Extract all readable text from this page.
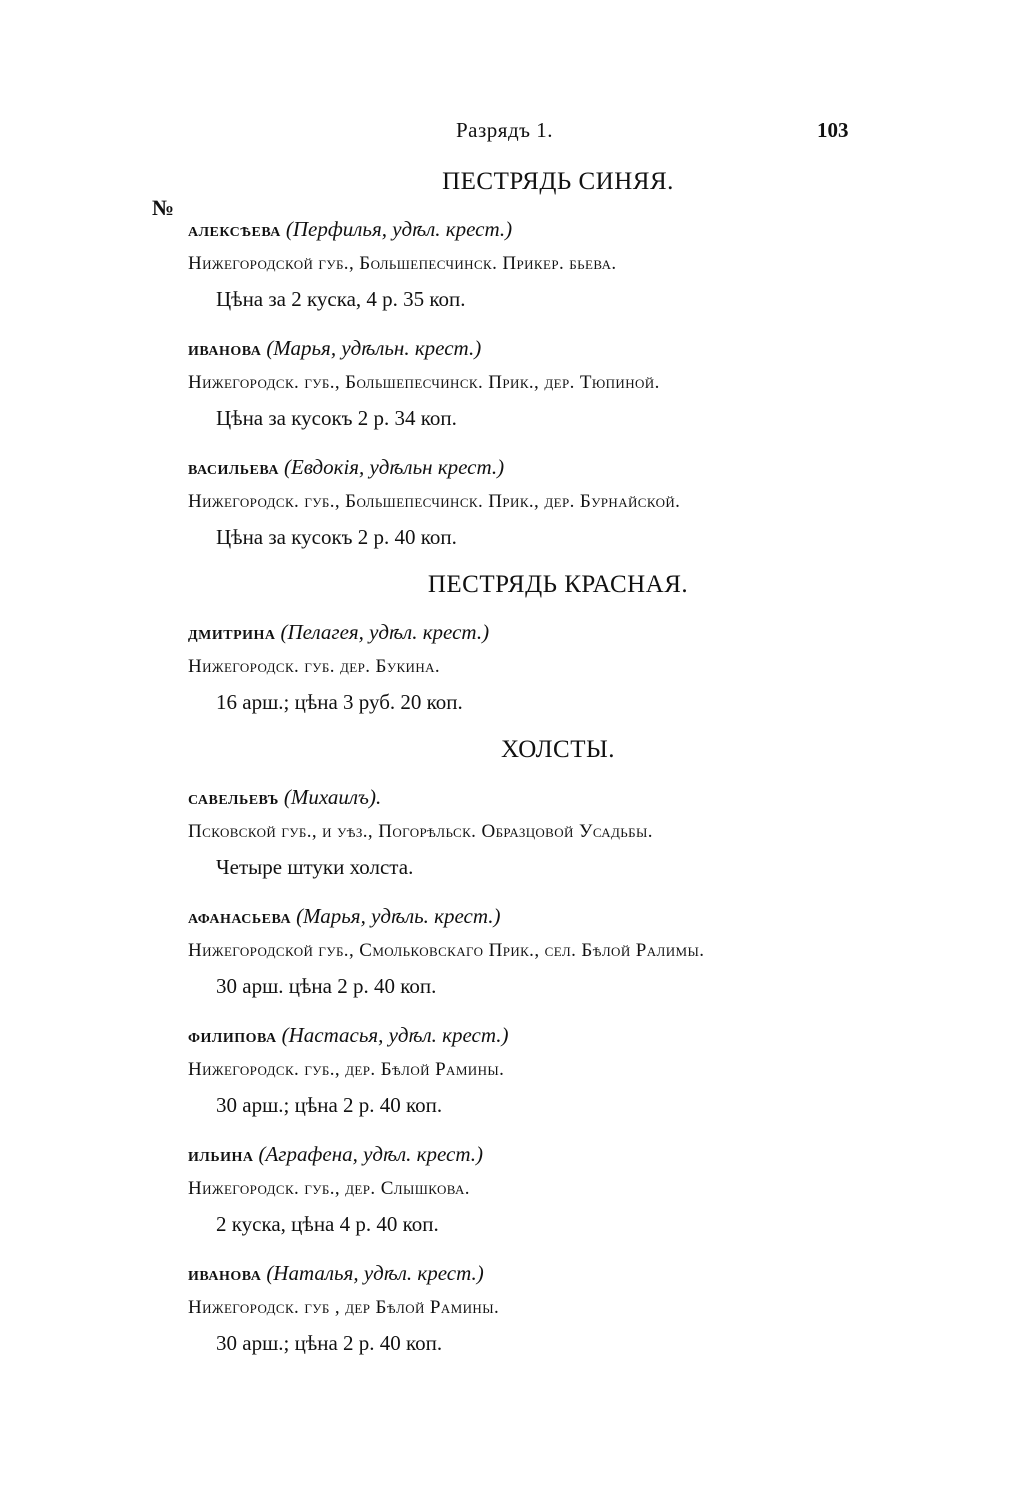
Разрядъ 1.	103
№
ПЕСТРЯДЬ СИНЯЯ.
алексѣева (Перфилья, удѣл. крест.)
Нижегородской губ., Большепесчинск. Прикер. бьева.
Цѣна за 2 куска, 4 р. 35 коп.
иванова (Марья, удѣльн. крест.)
Нижегородск. губ., Большепесчинск. Прик., дер. Тюпиной.
Цѣна за кусокъ 2 р. 34 коп.
васильева (Евдокія, удѣльн крест.)
Нижегородск. губ., Большепесчинск. Прик., дер. Бурнайской.
Цѣна за кусокъ 2 р. 40 коп.
ПЕСТРЯДЬ КРАСНАЯ.
дмитрина (Пелагея, удѣл. крест.)
Нижегородск. губ. дер. Букина.
16 арш.; цѣна 3 руб. 20 коп.
ХОЛСТЫ.
савельевъ (Михаилъ).
Псковской губ., и уѣз., Погорѣльск. Образцовой Усадьбы.
Четыре штуки холста.
афанасьева (Марья, удѣль. крест.)
Нижегородской губ., Смольковскаго Прик., сел. Бѣлой Ралимы.
30 арш. цѣна 2 р. 40 коп.
филипова (Настасья, удѣл. крест.)
Нижегородск. губ., дер. Бѣлой Рамины.
30 арш.; цѣна 2 р. 40 коп.
ильина (Аграфена, удѣл. крест.)
Нижегородск. губ., дер. Слышкова.
2 куска, цѣна 4 р. 40 коп.
иванова (Наталья, удѣл. крест.)
Нижегородск. губ , дер Бѣлой Рамины.
30 арш.; цѣна 2 р. 40 коп.
